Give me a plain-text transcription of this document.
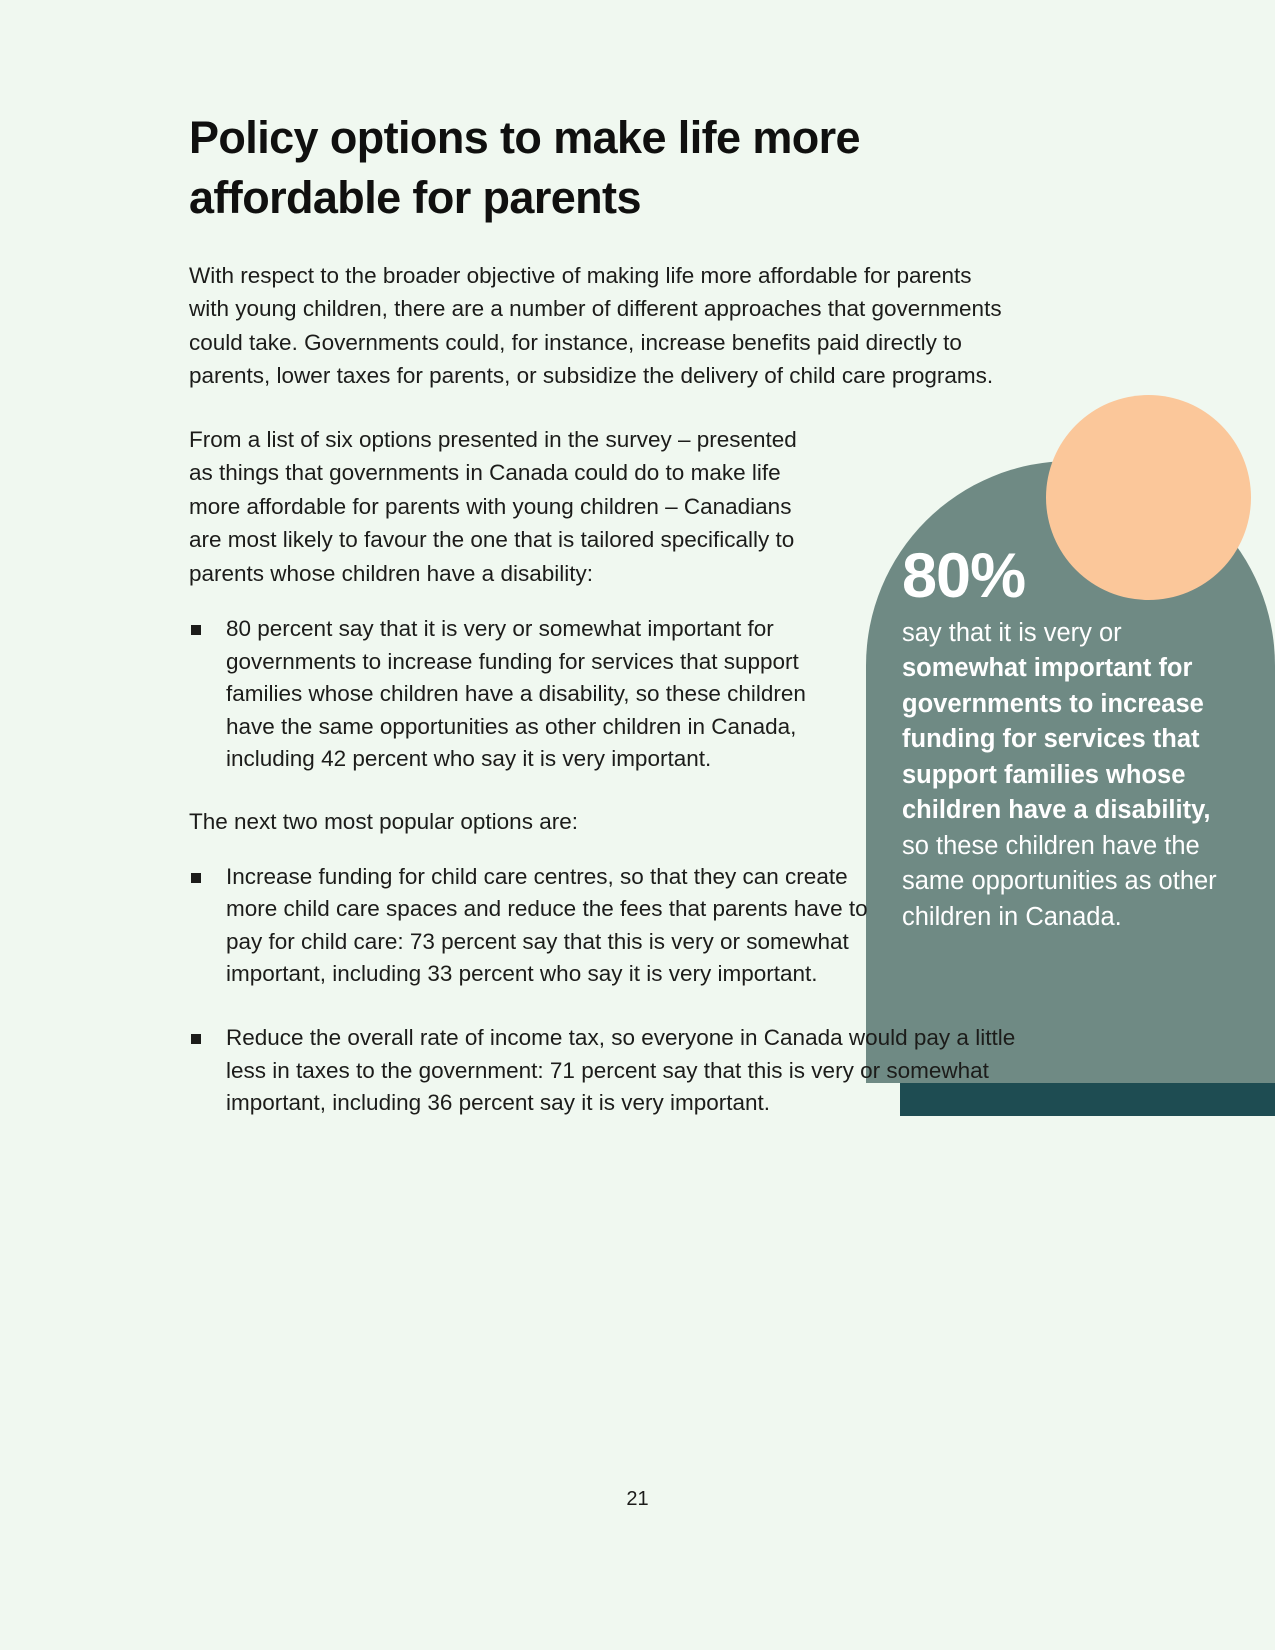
80%

say that it is very or somewhat important for governments to increase funding for services that support families whose children have a disability, so these children have the same opportunities as other children in Canada.

Policy options to make life more affordable for parents

With respect to the broader objective of making life more affordable for parents with young children, there are a number of different approaches that governments could take. Governments could, for instance, increase benefits paid directly to parents, lower taxes for parents, or subsidize the delivery of child care programs.

From a list of six options presented in the survey – presented as things that governments in Canada could do to make life more affordable for parents with young children – Canadians are most likely to favour the one that is tailored specifically to parents whose children have a disability:

80 percent say that it is very or somewhat important for governments to increase funding for services that support families whose children have a disability, so these children have the same opportunities as other children in Canada, including 42 percent who say it is very important.

The next two most popular options are:

Increase funding for child care centres, so that they can create more child care spaces and reduce the fees that parents have to pay for child care: 73 percent say that this is very or somewhat important, including 33 percent who say it is very important.
Reduce the overall rate of income tax, so everyone in Canada would pay a little less in taxes to the government: 71 percent say that this is very or somewhat important, including 36 percent say it is very important.
21
